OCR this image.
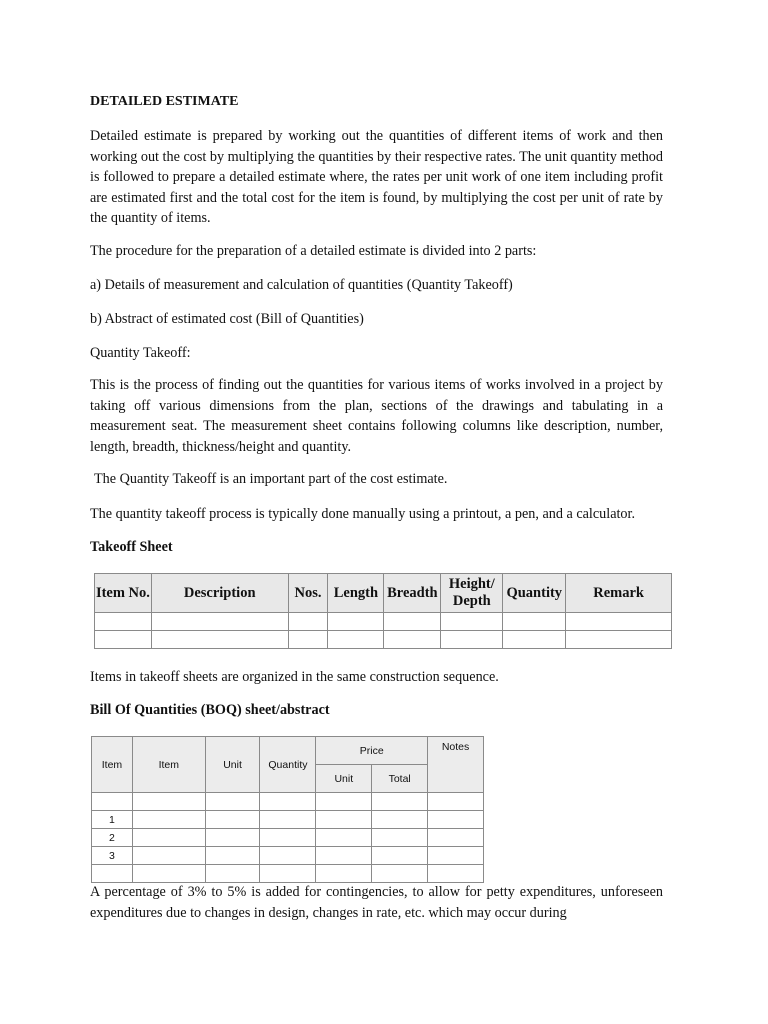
DETAILED ESTIMATE

Detailed estimate is prepared by working out the quantities of different items of work and then working out the cost by multiplying the quantities by their respective rates. The unit quantity method is followed to prepare a detailed estimate where, the rates per unit work of one item including profit are estimated first and the total cost for the item is found, by multiplying the cost per unit of rate by the quantity of items.

The procedure for the preparation of a detailed estimate is divided into 2 parts:

a) Details of measurement and calculation of quantities (Quantity Takeoff)

b) Abstract of estimated cost (Bill of Quantities)

Quantity Takeoff:

This is the process of finding out the quantities for various items of works involved in a project by taking off various dimensions from the plan, sections of the drawings and tabulating in a measurement seat. The measurement sheet contains following columns like description, number, length, breadth, thickness/height and quantity.

The Quantity Takeoff is an important part of the cost estimate.

The quantity takeoff process is typically done manually using a printout, a pen, and a calculator.

Takeoff Sheet

Item No.	Description	Nos.	Length	Breadth	Height/ Depth	Quantity	Remark

Items in takeoff sheets are organized in the same construction sequence.

Bill Of Quantities (BOQ) sheet/abstract

Item	Item	Unit	Quantity	Price		Notes
				Unit	Total	

1						
2						
3						

A percentage of 3% to 5% is added for contingencies, to allow for petty expenditures, unforeseen expenditures due to changes in design, changes in rate, etc. which may occur during
